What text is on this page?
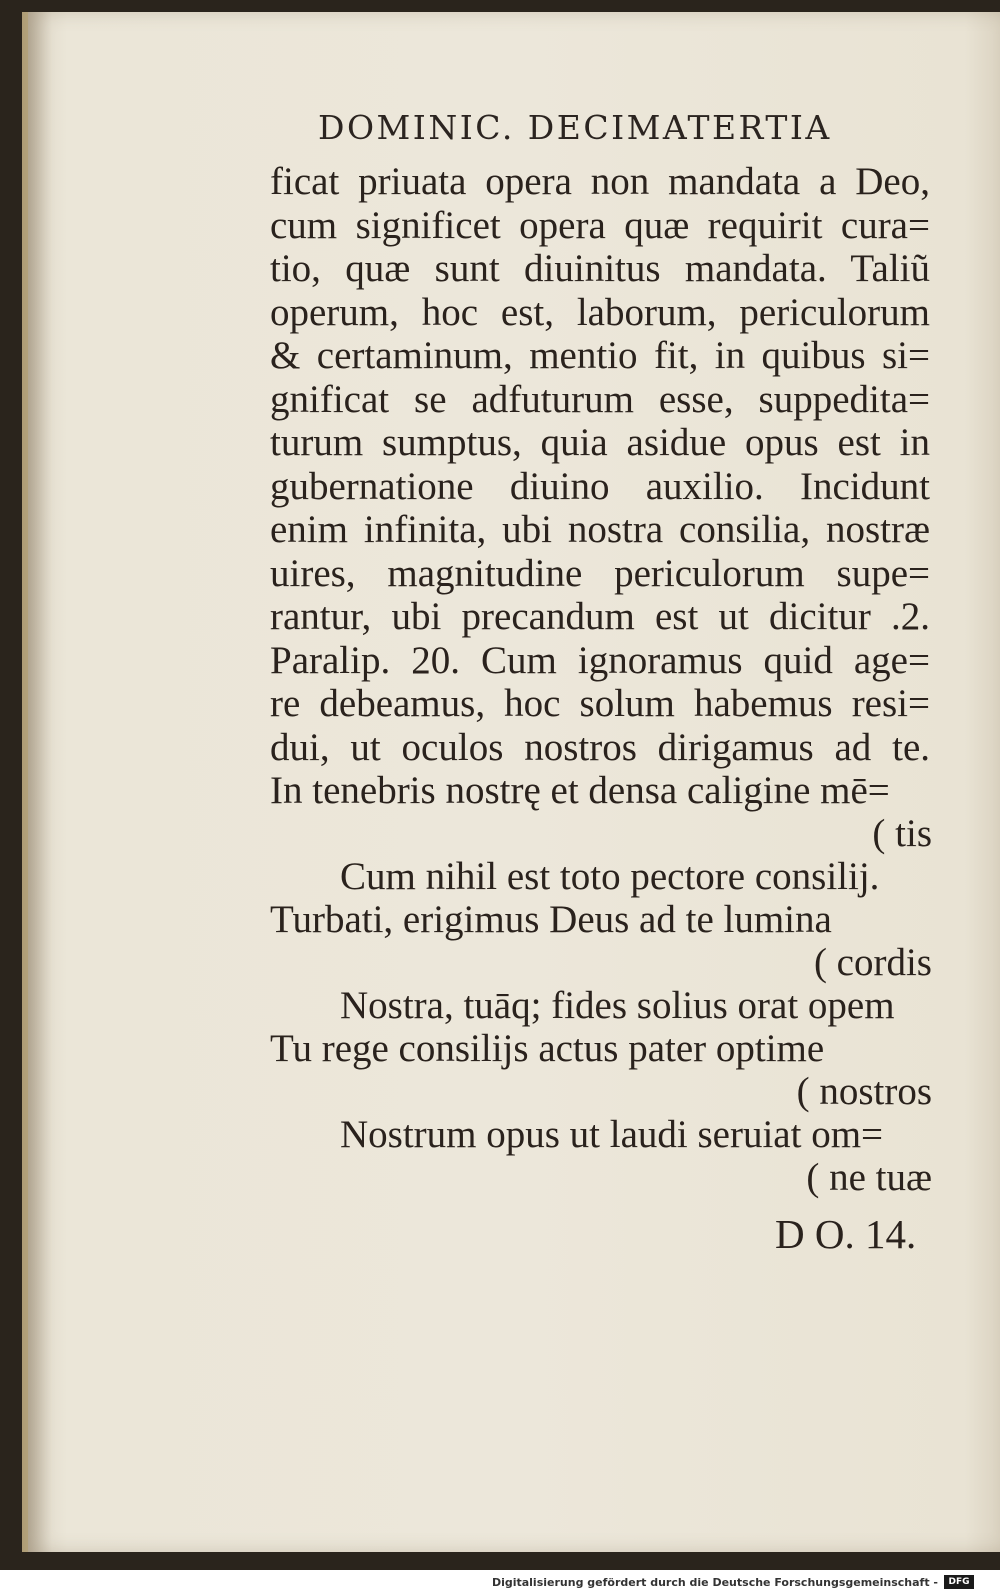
DOMINIC. DECIMATERTIA
ficat priuata opera non mandata a Deo,
cum significet opera quæ requirit cura=
tio, quæ sunt diuinitus mandata. Taliũ
operum, hoc est, laborum, periculorum
& certaminum, mentio fit, in quibus si=
gnificat se adfuturum esse, suppedita=
turum sumptus, quia asidue opus est in
gubernatione diuino auxilio. Incidunt
enim infinita, ubi nostra consilia, nostræ
uires, magnitudine periculorum supe=
rantur, ubi precandum est ut dicitur .2.
Paralip. 20. Cum ignoramus quid age=
re debeamus, hoc solum habemus resi=
dui, ut oculos nostros dirigamus ad te.
In tenebris nostrę et densa caligine mē=
( tis
Cum nihil est toto pectore consilij.
Turbati, erigimus Deus ad te lumina
( cordis
Nostra, tuāq; fides solius orat opem
Tu rege consilijs actus pater optime
( nostros
Nostrum opus ut laudi seruiat om=
( ne tuæ
D O. 14.
Digitalisierung gefördert durch die Deutsche Forschungsgemeinschaft -	DFG
